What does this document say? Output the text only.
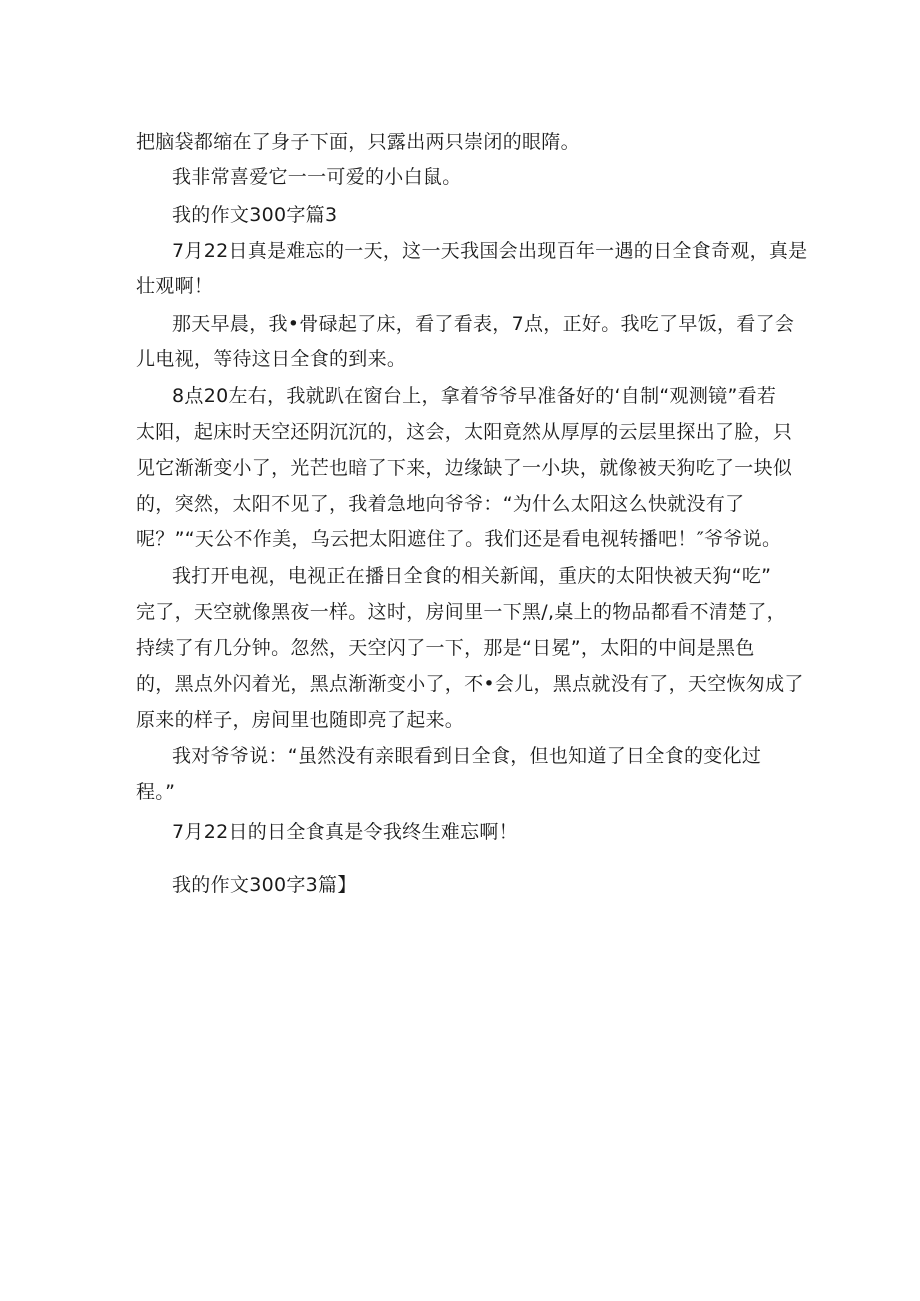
把脑袋都缩在了身子下面，只露出两只崇闭的眼隋。
我非常喜爱它一一可爱的小白鼠。
我的作文300字篇3
7月22日真是难忘的一天，这一天我国会出现百年一遇的日全食奇观，真是
壮观啊！
那天早晨，我•骨碌起了床，看了看表，7点，正好。我吃了早饭，看了会
儿电视，等待这日全食的到来。
8点20左右，我就趴在窗台上，拿着爷爷早准备好的‘自制“观测镜”看若
太阳，起床时天空还阴沉沉的，这会，太阳竟然从厚厚的云层里探出了脸，只
见它渐渐变小了，光芒也暗了下来，边缘缺了一小块，就像被天狗吃了一块似
的，突然，太阳不见了，我着急地向爷爷：“为什么太阳这么快就没有了
呢？”“天公不作美，乌云把太阳遮住了。我们还是看电视转播吧！″爷爷说。
我打开电视，电视正在播日全食的相关新闻，重庆的太阳快被天狗“吃”
完了，天空就像黑夜一样。这时，房间里一下黑/,桌上的物品都看不清楚了，
持续了有几分钟。忽然，天空闪了一下，那是“日冕”，太阳的中间是黑色
的，黑点外闪着光，黑点渐渐变小了，不•会儿，黑点就没有了，天空恢匆成了
原来的样子，房间里也随即亮了起来。
我对爷爷说：“虽然没有亲眼看到日全食，但也知道了日全食的变化过
程。”
7月22日的日全食真是令我终生难忘啊！
我的作文300字3篇】
